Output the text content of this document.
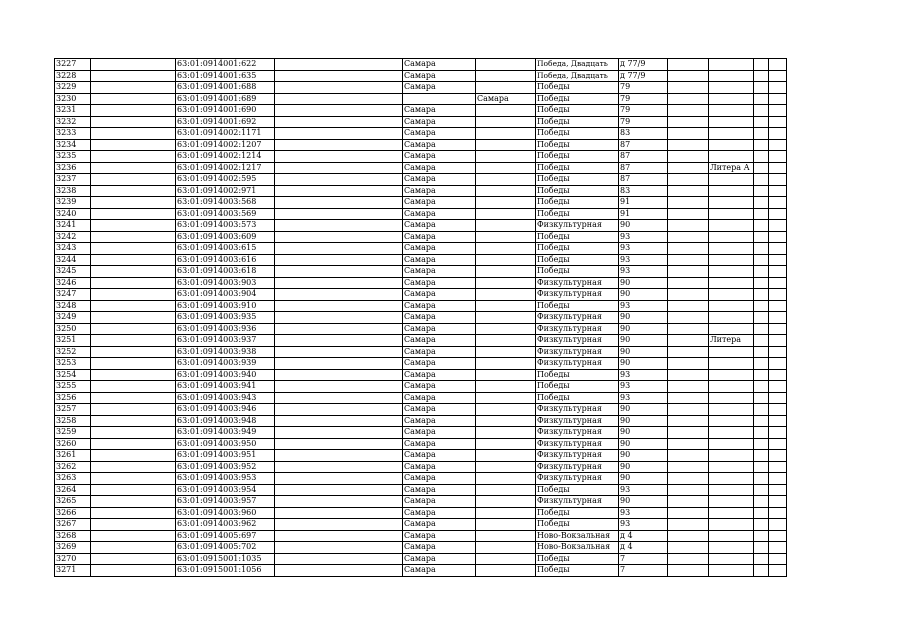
3227		63:01:0914001:622		Самара		Победа, Двадцать	д 77/9				
3228		63:01:0914001:635		Самара		Победа, Двадцать	д 77/9				
3229		63:01:0914001:688		Самара		Победы	79				
3230		63:01:0914001:689			Самара	Победы	79				
3231		63:01:0914001:690		Самара		Победы	79				
3232		63:01:0914001:692		Самара		Победы	79				
3233		63:01:0914002:1171		Самара		Победы	83				
3234		63:01:0914002:1207		Самара		Победы	87				
3235		63:01:0914002:1214		Самара		Победы	87				
3236		63:01:0914002:1217		Самара		Победы	87		Литера А		
3237		63:01:0914002:595		Самара		Победы	87				
3238		63:01:0914002:971		Самара		Победы	83				
3239		63:01:0914003:568		Самара		Победы	91				
3240		63:01:0914003:569		Самара		Победы	91				
3241		63:01:0914003:573		Самара		Физкультурная	90				
3242		63:01:0914003:609		Самара		Победы	93				
3243		63:01:0914003:615		Самара		Победы	93				
3244		63:01:0914003:616		Самара		Победы	93				
3245		63:01:0914003:618		Самара		Победы	93				
3246		63:01:0914003:903		Самара		Физкультурная	90				
3247		63:01:0914003:904		Самара		Физкультурная	90				
3248		63:01:0914003:910		Самара		Победы	93				
3249		63:01:0914003:935		Самара		Физкультурная	90				
3250		63:01:0914003:936		Самара		Физкультурная	90				
3251		63:01:0914003:937		Самара		Физкультурная	90		Литера		
3252		63:01:0914003:938		Самара		Физкультурная	90				
3253		63:01:0914003:939		Самара		Физкультурная	90				
3254		63:01:0914003:940		Самара		Победы	93				
3255		63:01:0914003:941		Самара		Победы	93				
3256		63:01:0914003:943		Самара		Победы	93				
3257		63:01:0914003:946		Самара		Физкультурная	90				
3258		63:01:0914003:948		Самара		Физкультурная	90				
3259		63:01:0914003:949		Самара		Физкультурная	90				
3260		63:01:0914003:950		Самара		Физкультурная	90				
3261		63:01:0914003:951		Самара		Физкультурная	90				
3262		63:01:0914003:952		Самара		Физкультурная	90				
3263		63:01:0914003:953		Самара		Физкультурная	90				
3264		63:01:0914003:954		Самара		Победы	93				
3265		63:01:0914003:957		Самара		Физкультурная	90				
3266		63:01:0914003:960		Самара		Победы	93				
3267		63:01:0914003:962		Самара		Победы	93				
3268		63:01:0914005:697		Самара		Ново-Вокзальная	д 4				
3269		63:01:0914005:702		Самара		Ново-Вокзальная	д 4				
3270		63:01:0915001:1035		Самара		Победы	7				
3271		63:01:0915001:1056		Самара		Победы	7				
